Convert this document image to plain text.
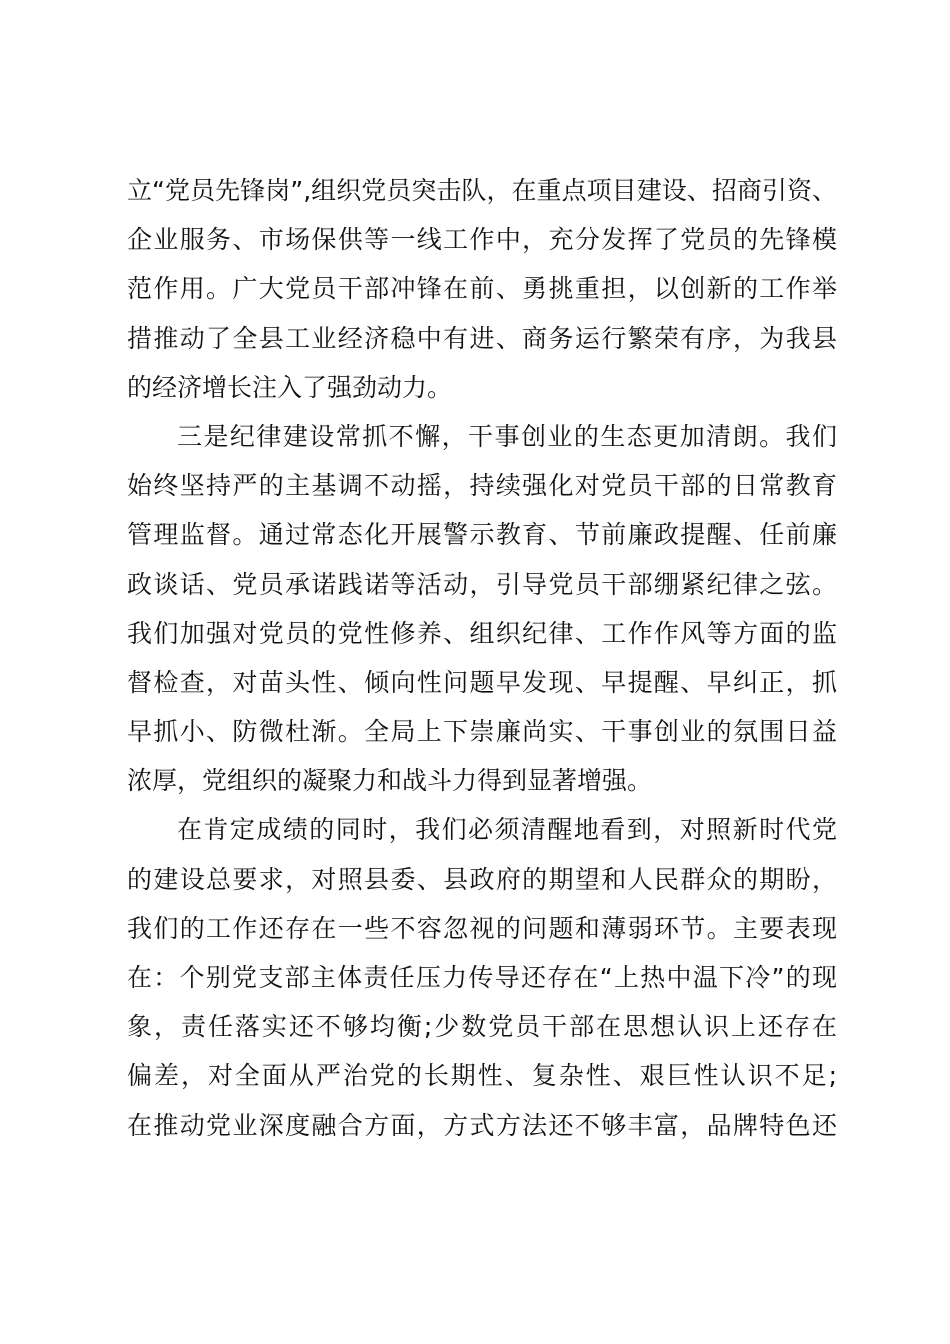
立“党员先锋岗”,组织党员突击队，在重点项目建设、招商引资、
企业服务、市场保供等一线工作中，充分发挥了党员的先锋模
范作用。广大党员干部冲锋在前、勇挑重担，以创新的工作举
措推动了全县工业经济稳中有进、商务运行繁荣有序，为我县
的经济增长注入了强劲动力。
三是纪律建设常抓不懈，干事创业的生态更加清朗。我们
始终坚持严的主基调不动摇，持续强化对党员干部的日常教育
管理监督。通过常态化开展警示教育、节前廉政提醒、任前廉
政谈话、党员承诺践诺等活动，引导党员干部绷紧纪律之弦。
我们加强对党员的党性修养、组织纪律、工作作风等方面的监
督检查，对苗头性、倾向性问题早发现、早提醒、早纠正，抓
早抓小、防微杜渐。全局上下崇廉尚实、干事创业的氛围日益
浓厚，党组织的凝聚力和战斗力得到显著增强。
在肯定成绩的同时，我们必须清醒地看到，对照新时代党
的建设总要求，对照县委、县政府的期望和人民群众的期盼，
我们的工作还存在一些不容忽视的问题和薄弱环节。主要表现
在：个别党支部主体责任压力传导还存在“上热中温下冷”的现
象，责任落实还不够均衡;少数党员干部在思想认识上还存在
偏差，对全面从严治党的长期性、复杂性、艰巨性认识不足;
在推动党业深度融合方面，方式方法还不够丰富，品牌特色还
